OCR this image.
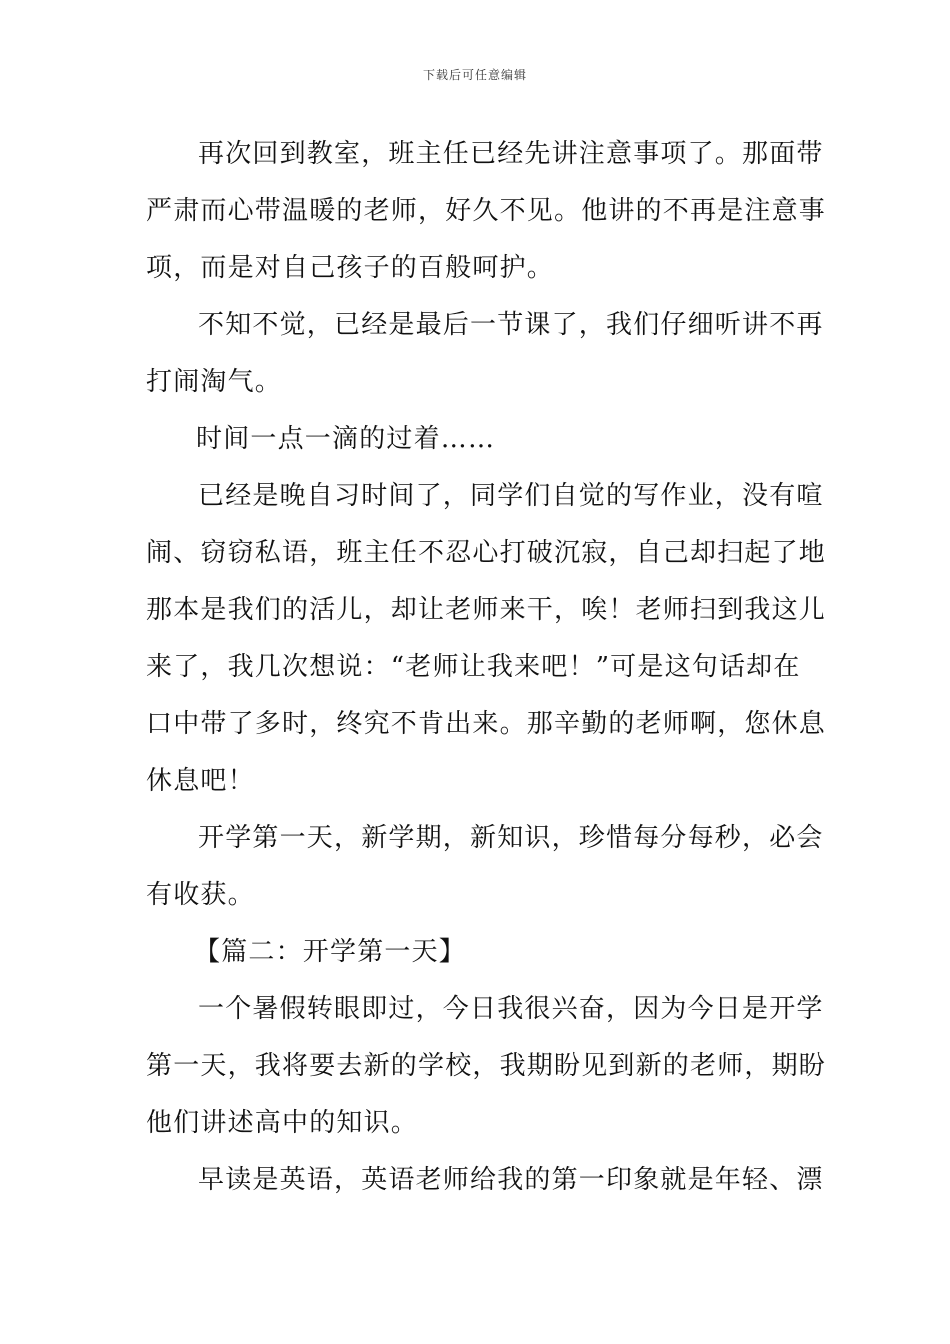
下载后可任意编辑
再次回到教室，班主任已经先讲注意事项了。那面带
严肃而心带温暖的老师，好久不见。他讲的不再是注意事
项，而是对自己孩子的百般呵护。
不知不觉，已经是最后一节课了，我们仔细听讲不再
打闹淘气。
时间一点一滴的过着……
已经是晚自习时间了，同学们自觉的写作业，没有喧
闹、窃窃私语，班主任不忍心打破沉寂，自己却扫起了地
那本是我们的活儿，却让老师来干，唉！老师扫到我这儿
来了，我几次想说：“老师让我来吧！”可是这句话却在
口中带了多时，终究不肯出来。那辛勤的老师啊，您休息
休息吧！
开学第一天，新学期，新知识，珍惜每分每秒，必会
有收获。
【篇二：开学第一天】
一个暑假转眼即过，今日我很兴奋，因为今日是开学
第一天，我将要去新的学校，我期盼见到新的老师，期盼
他们讲述高中的知识。
早读是英语，英语老师给我的第一印象就是年轻、漂
